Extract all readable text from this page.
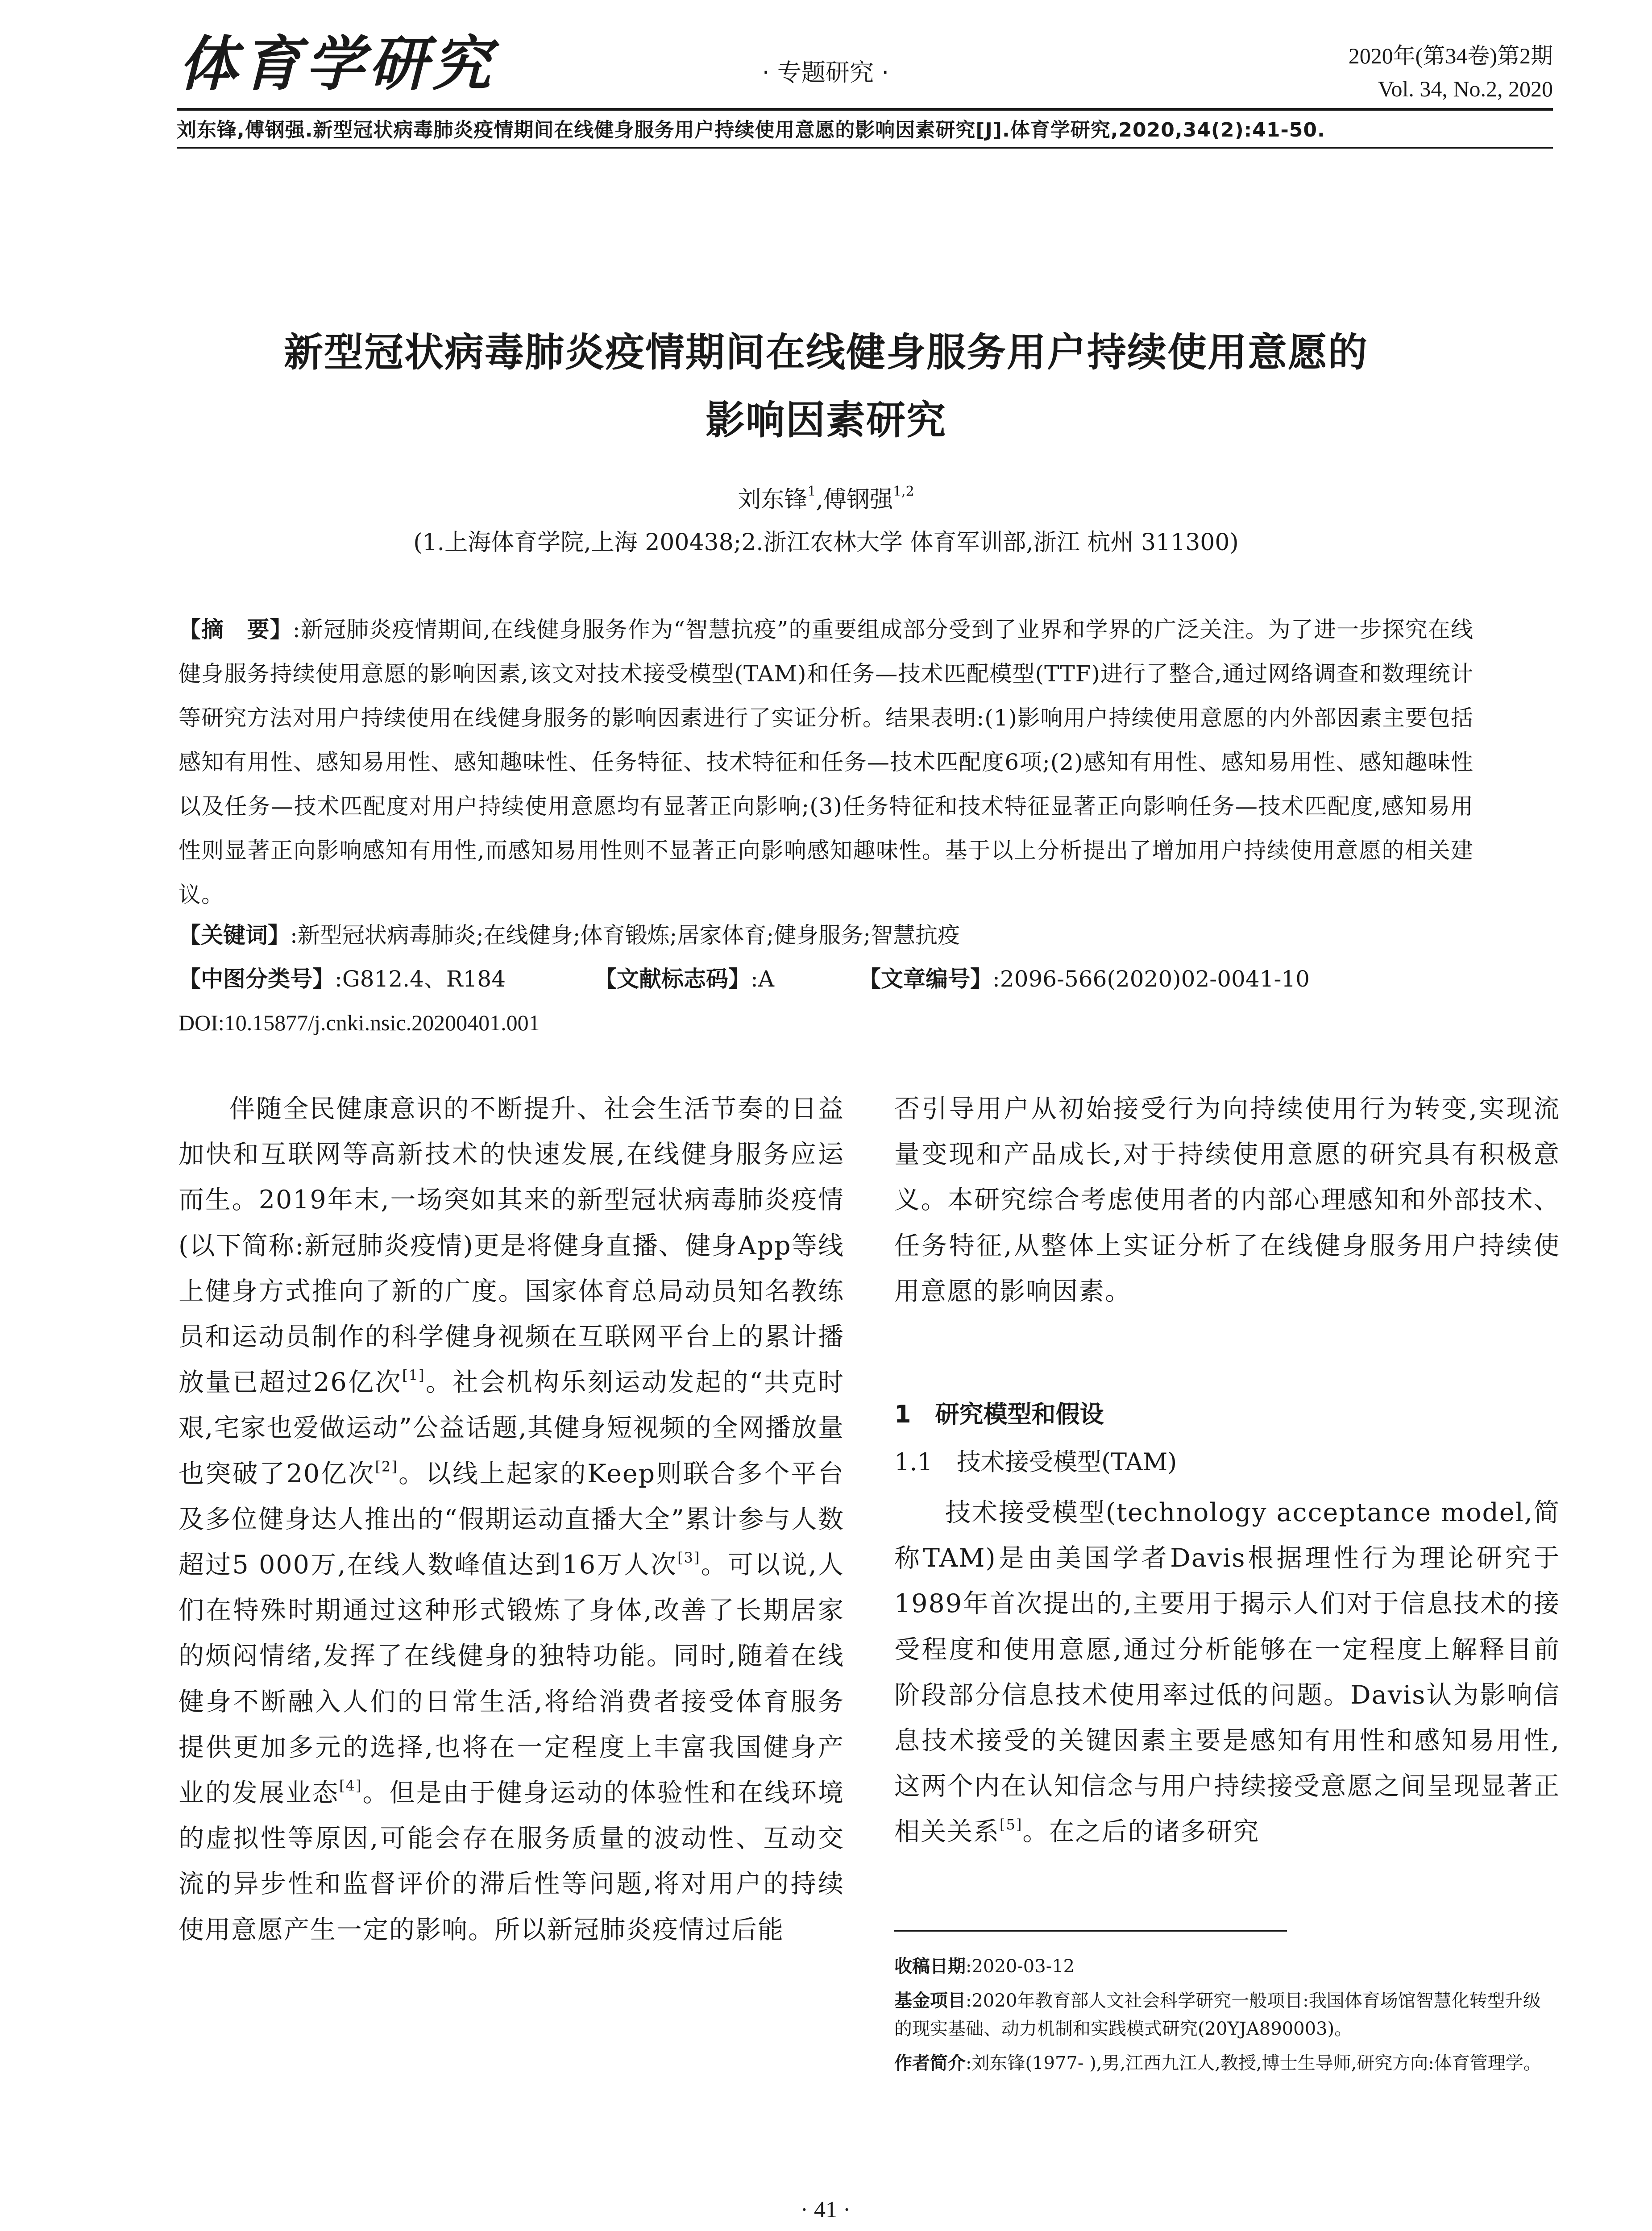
体育学研究	· 专题研究 ·
2020年(第34卷)第2期
Vol. 34, No.2, 2020
刘东锋,傅钢强.新型冠状病毒肺炎疫情期间在线健身服务用户持续使用意愿的影响因素研究[J].体育学研究,2020,34(2):41-50.
新型冠状病毒肺炎疫情期间在线健身服务用户持续使用意愿的
影响因素研究
刘东锋$^1$,傅钢强$^{1,2}$
(1.上海体育学院,上海 200438;2.浙江农林大学 体育军训部,浙江 杭州 311300)
【摘　要】:新冠肺炎疫情期间,在线健身服务作为“智慧抗疫”的重要组成部分受到了业界和学界的广泛关注。为了进一步探究在线健身服务持续使用意愿的影响因素,该文对技术接受模型(TAM)和任务—技术匹配模型(TTF)进行了整合,通过网络调查和数理统计等研究方法对用户持续使用在线健身服务的影响因素进行了实证分析。结果表明:(1)影响用户持续使用意愿的内外部因素主要包括感知有用性、感知易用性、感知趣味性、任务特征、技术特征和任务—技术匹配度6项;(2)感知有用性、感知易用性、感知趣味性以及任务—技术匹配度对用户持续使用意愿均有显著正向影响;(3)任务特征和技术特征显著正向影响任务—技术匹配度,感知易用性则显著正向影响感知有用性,而感知易用性则不显著正向影响感知趣味性。基于以上分析提出了增加用户持续使用意愿的相关建议。
【关键词】:新型冠状病毒肺炎;在线健身;体育锻炼;居家体育;健身服务;智慧抗疫
【中图分类号】:G812.4、R184	【文献标志码】:A	【文章编号】:2096-566(2020)02-0041-10
DOI:10.15877/j.cnki.nsic.20200401.001

伴随全民健康意识的不断提升、社会生活节奏的日益加快和互联网等高新技术的快速发展,在线健身服务应运而生。2019年末,一场突如其来的新型冠状病毒肺炎疫情(以下简称:新冠肺炎疫情)更是将健身直播、健身App等线上健身方式推向了新的广度。国家体育总局动员知名教练员和运动员制作的科学健身视频在互联网平台上的累计播放量已超过26亿次[1]。社会机构乐刻运动发起的“共克时艰,宅家也爱做运动”公益话题,其健身短视频的全网播放量也突破了20亿次[2]。以线上起家的Keep则联合多个平台及多位健身达人推出的“假期运动直播大全”累计参与人数超过5 000万,在线人数峰值达到16万人次[3]。可以说,人们在特殊时期通过这种形式锻炼了身体,改善了长期居家的烦闷情绪,发挥了在线健身的独特功能。同时,随着在线健身不断融入人们的日常生活,将给消费者接受体育服务提供更加多元的选择,也将在一定程度上丰富我国健身产业的发展业态[4]。但是由于健身运动的体验性和在线环境的虚拟性等原因,可能会存在服务质量的波动性、互动交流的异步性和监督评价的滞后性等问题,将对用户的持续使用意愿产生一定的影响。所以新冠肺炎疫情过后能

否引导用户从初始接受行为向持续使用行为转变,实现流量变现和产品成长,对于持续使用意愿的研究具有积极意义。本研究综合考虑使用者的内部心理感知和外部技术、任务特征,从整体上实证分析了在线健身服务用户持续使用意愿的影响因素。

1　研究模型和假设
1.1　技术接受模型(TAM)

技术接受模型(technology acceptance model,简称TAM)是由美国学者Davis根据理性行为理论研究于1989年首次提出的,主要用于揭示人们对于信息技术的接受程度和使用意愿,通过分析能够在一定程度上解释目前阶段部分信息技术使用率过低的问题。Davis认为影响信息技术接受的关键因素主要是感知有用性和感知易用性,这两个内在认知信念与用户持续接受意愿之间呈现显著正相关关系[5]。在之后的诸多研究

收稿日期:2020-03-12
基金项目:2020年教育部人文社会科学研究一般项目:我国体育场馆智慧化转型升级的现实基础、动力机制和实践模式研究(20YJA890003)。
作者简介:刘东锋(1977- ),男,江西九江人,教授,博士生导师,研究方向:体育管理学。
· 41 ·
